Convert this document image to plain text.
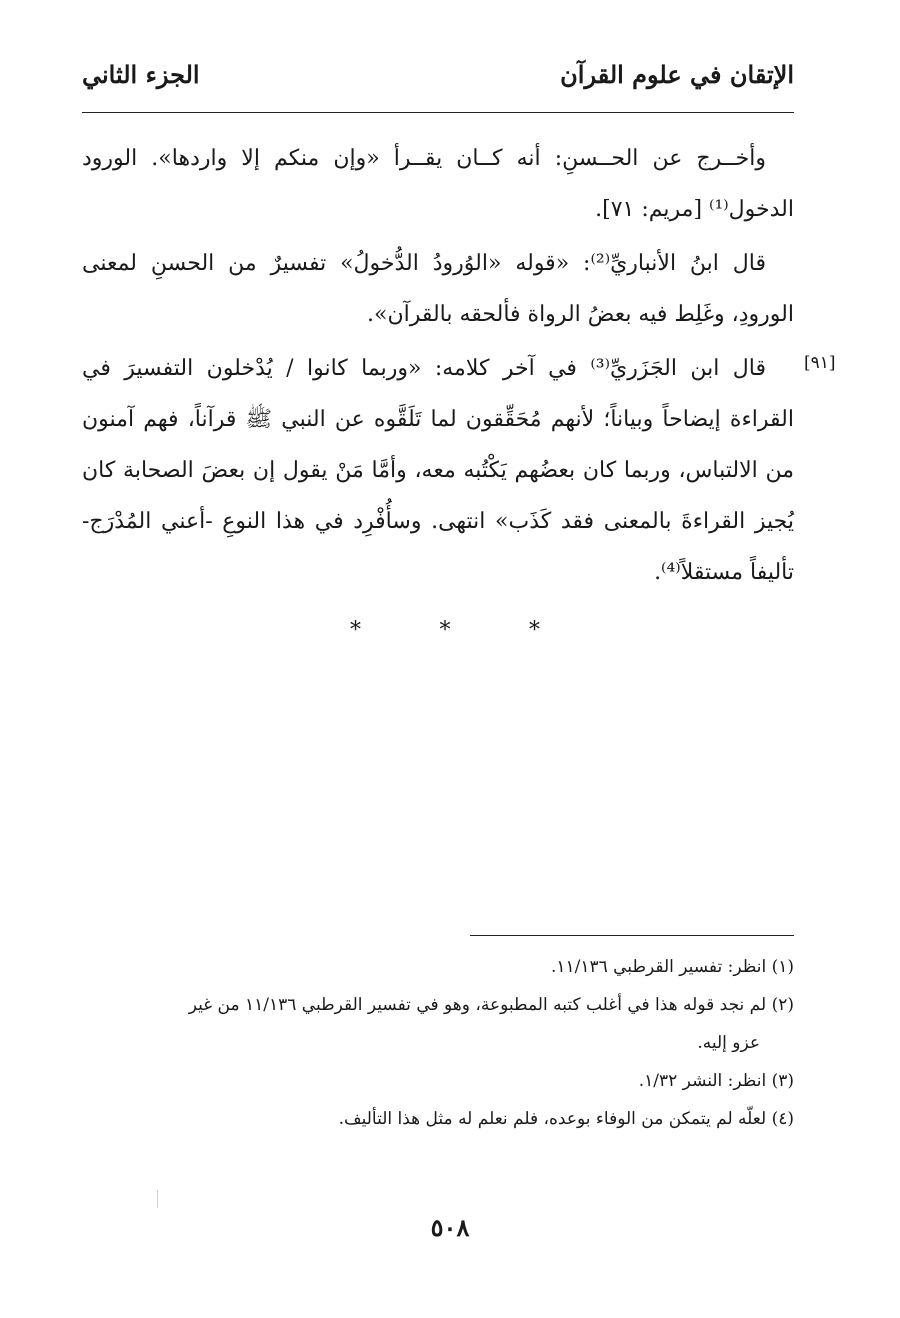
الإتقان في علوم القرآن
الجزء الثاني
[٩١]

وأخــرج عن الحــسنِ: أنه كــان يقــرأ «وإن منكم إلا واردها». الورود الدخول⁽¹⁾ [مريم: ٧١].

قال ابنُ الأنباريِّ⁽²⁾: «قوله «الوُرودُ الدُّخولُ» تفسيرٌ من الحسنِ لمعنى الورودِ، وغَلِط فيه بعضُ الرواة فألحقه بالقرآن».

قال ابن الجَزَريِّ⁽³⁾ في آخر كلامه: «وربما كانوا / يُدْخلون التفسيرَ في القراءة إيضاحاً وبياناً؛ لأنهم مُحَقِّقون لما تَلَقَّوه عن النبي ﷺ قرآناً، فهم آمنون من الالتباس، وربما كان بعضُهم يَكْتُبه معه، وأمَّا مَنْ يقول إن بعضَ الصحابة كان يُجيز القراءةَ بالمعنى فقد كَذَب» انتهى. وسأُفْرِد في هذا النوعِ -أعني المُدْرَج- تأليفاً مستقلاً⁽⁴⁾.

*	*	*

(١) انظر: تفسير القرطبي ١١/١٣٦.

(٢) لم نجد قوله هذا في أغلب كتبه المطبوعة، وهو في تفسير القرطبي ١١/١٣٦ من غير

عزو إليه.

(٣) انظر: النشر ١/٣٢.

(٤) لعلّه لم يتمكن من الوفاء بوعده، فلم نعلم له مثل هذا التأليف.

٥٠٨
